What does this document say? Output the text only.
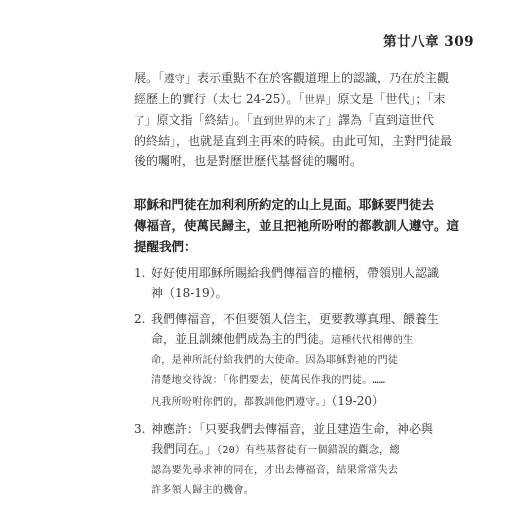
第廿八章 309
展。「遵守」表示重點不在於客觀道理上的認識，乃在於主觀
經歷上的實行（太七 24-25）。「世界」原文是「世代」；「末
了」原文指「終結」。「直到世界的末了」譯為「直到這世代
的終結」，也就是直到主再來的時候。由此可知，主對門徒最
後的囑咐，也是對歷世歷代基督徒的囑咐。
耶穌和門徒在加利利所約定的山上見面。耶穌要門徒去
傳福音，使萬民歸主，並且把祂所吩咐的都教訓人遵守。這
提醒我們：
1. 好好使用耶穌所賜給我們傳福音的權柄，帶領別人認識
神（18-19）。
2. 我們傳福音，不但要領人信主，更要教導真理、餵養生
命，並且訓練他們成為主的門徒。這種代代相傳的生
命，是神所託付給我們的大使命。因為耶穌對祂的門徒
清楚地交待說：「你們要去，使萬民作我的門徒。……
凡我所吩咐你們的，都教訓他們遵守。」（19-20）
3. 神應許：「只要我們去傳福音，並且建造生命，神必與
我們同在。」（20）有些基督徒有一個錯誤的觀念，總
認為要先尋求神的同在，才出去傳福音，結果常常失去
許多領人歸主的機會。
